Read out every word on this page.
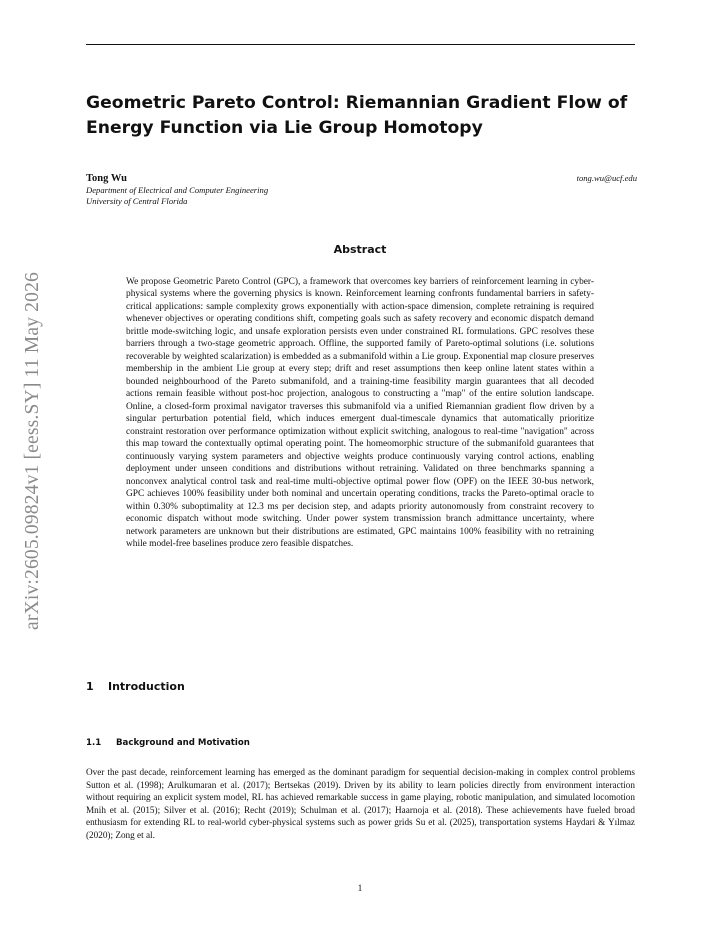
arXiv:2605.09824v1 [eess.SY] 11 May 2026
Geometric Pareto Control: Riemannian Gradient Flow of Energy Function via Lie Group Homotopy
Tong Wu
Department of Electrical and Computer Engineering
University of Central Florida
tong.wu@ucf.edu
Abstract

We propose Geometric Pareto Control (GPC), a framework that overcomes key barriers of reinforcement learning in cyber-physical systems where the governing physics is known. Reinforcement learning confronts fundamental barriers in safety-critical applications: sample complexity grows exponentially with action-space dimension, complete retraining is required whenever objectives or operating conditions shift, competing goals such as safety recovery and economic dispatch demand brittle mode-switching logic, and unsafe exploration persists even under constrained RL formulations. GPC resolves these barriers through a two-stage geometric approach. Offline, the supported family of Pareto-optimal solutions (i.e. solutions recoverable by weighted scalarization) is embedded as a submanifold within a Lie group. Exponential map closure preserves membership in the ambient Lie group at every step; drift and reset assumptions then keep online latent states within a bounded neighbourhood of the Pareto submanifold, and a training-time feasibility margin guarantees that all decoded actions remain feasible without post-hoc projection, analogous to constructing a "map" of the entire solution landscape. Online, a closed-form proximal navigator traverses this submanifold via a unified Riemannian gradient flow driven by a singular perturbation potential field, which induces emergent dual-timescale dynamics that automatically prioritize constraint restoration over performance optimization without explicit switching, analogous to real-time "navigation" across this map toward the contextually optimal operating point. The homeomorphic structure of the submanifold guarantees that continuously varying system parameters and objective weights produce continuously varying control actions, enabling deployment under unseen conditions and distributions without retraining. Validated on three benchmarks spanning a nonconvex analytical control task and real-time multi-objective optimal power flow (OPF) on the IEEE 30-bus network, GPC achieves 100% feasibility under both nominal and uncertain operating conditions, tracks the Pareto-optimal oracle to within 0.30% suboptimality at 12.3 ms per decision step, and adapts priority autonomously from constraint recovery to economic dispatch without mode switching. Under power system transmission branch admittance uncertainty, where network parameters are unknown but their distributions are estimated, GPC maintains 100% feasibility with no retraining while model-free baselines produce zero feasible dispatches.

1 Introduction
1.1 Background and Motivation

Over the past decade, reinforcement learning has emerged as the dominant paradigm for sequential decision-making in complex control problems Sutton et al. (1998); Arulkumaran et al. (2017); Bertsekas (2019). Driven by its ability to learn policies directly from environment interaction without requiring an explicit system model, RL has achieved remarkable success in game playing, robotic manipulation, and simulated locomotion Mnih et al. (2015); Silver et al. (2016); Recht (2019); Schulman et al. (2017); Haarnoja et al. (2018). These achievements have fueled broad enthusiasm for extending RL to real-world cyber-physical systems such as power grids Su et al. (2025), transportation systems Haydari & Yılmaz (2020); Zong et al.

1
